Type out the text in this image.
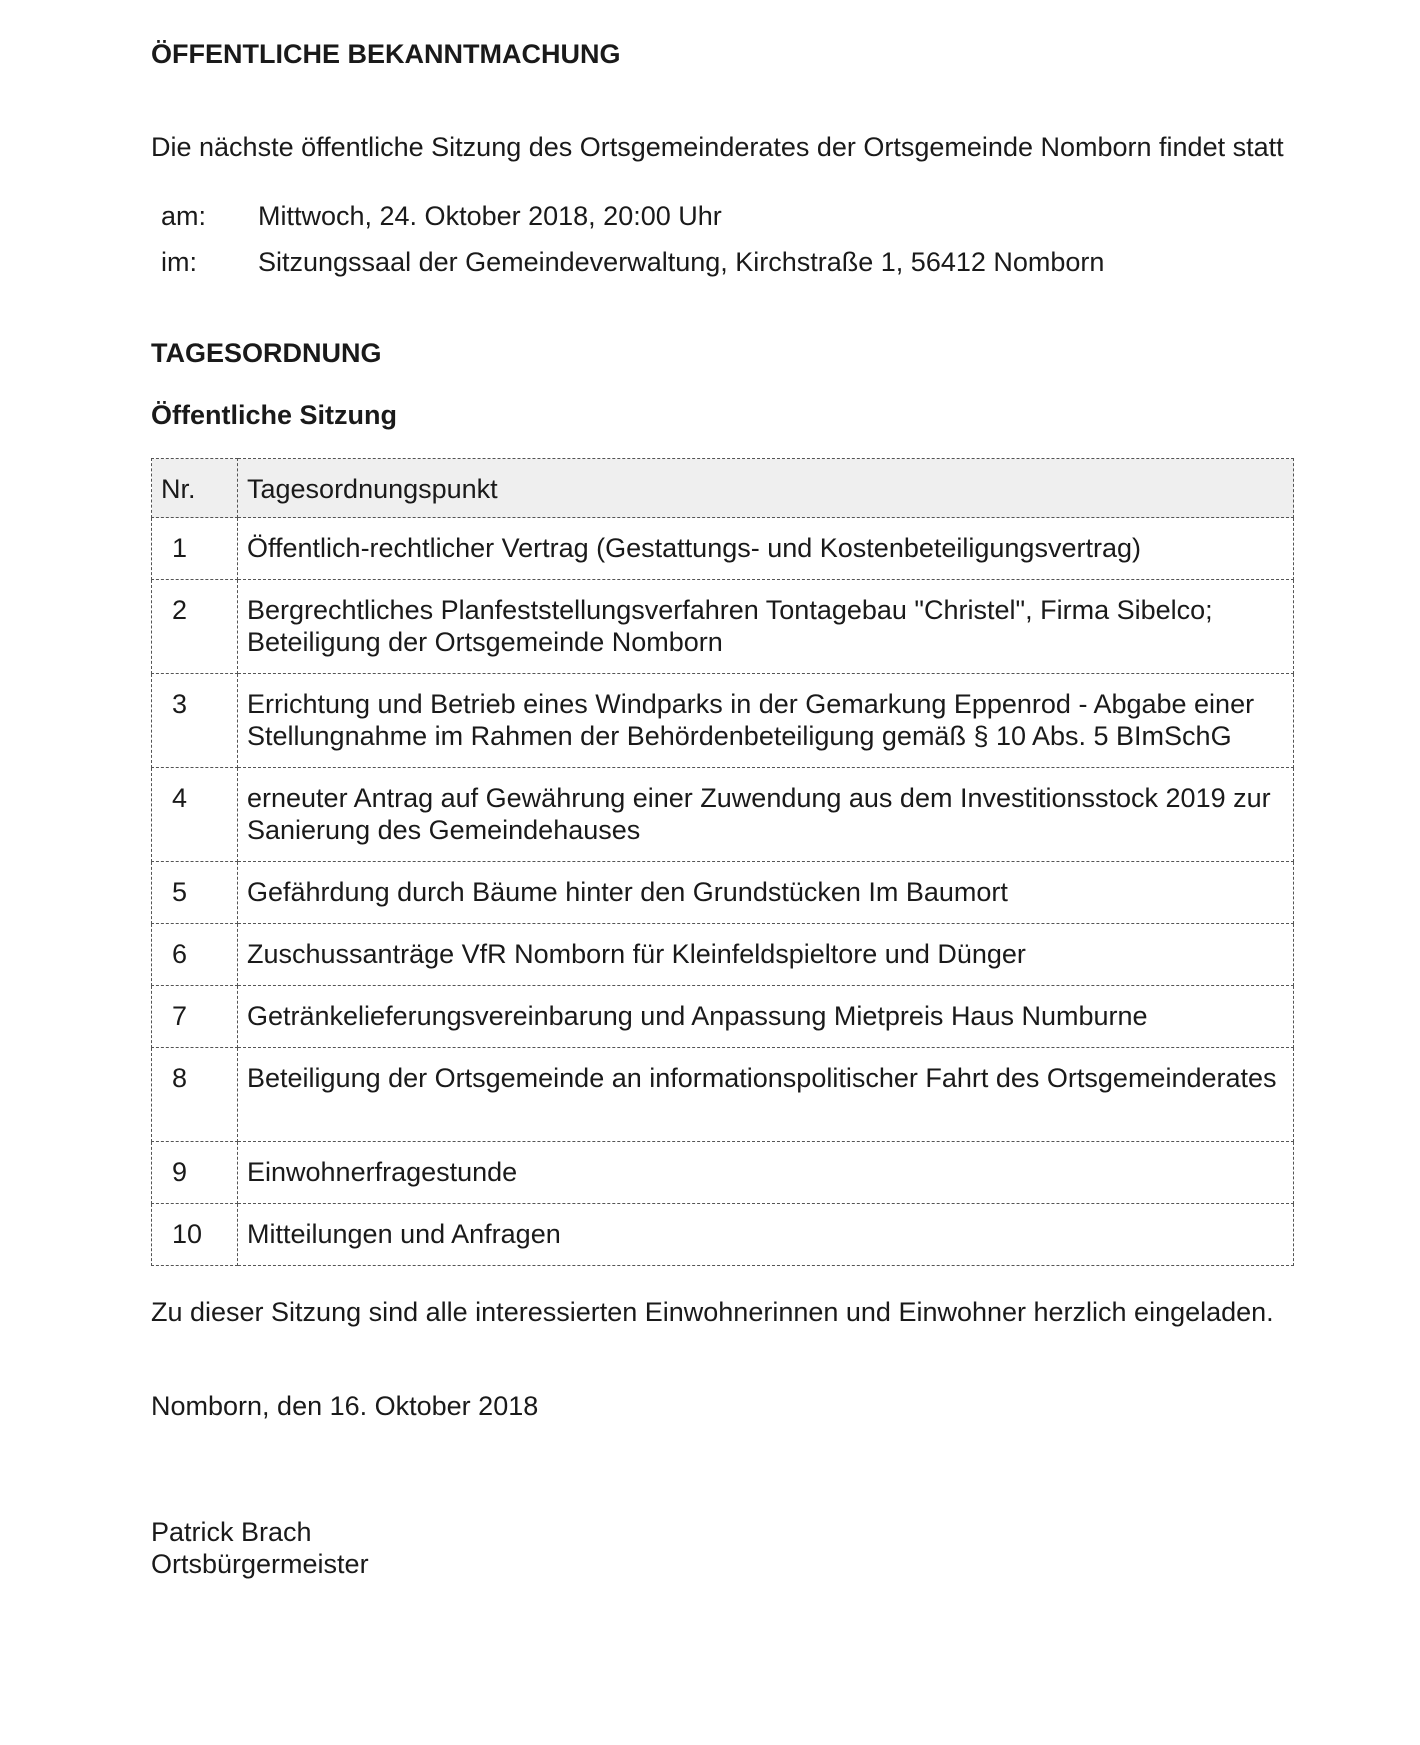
ÖFFENTLICHE BEKANNTMACHUNG
Die nächste öffentliche Sitzung des Ortsgemeinderates der Ortsgemeinde Nomborn findet statt
am:	Mittwoch, 24. Oktober 2018, 20:00 Uhr
im:	Sitzungssaal der Gemeindeverwaltung, Kirchstraße 1, 56412 Nomborn
TAGESORDNUNG
Öffentliche Sitzung
Nr.	Tagesordnungspunkt
1	Öffentlich-rechtlicher Vertrag (Gestattungs- und Kostenbeteiligungsvertrag)
2	Bergrechtliches Planfeststellungsverfahren Tontagebau "Christel", Firma Sibelco; Beteiligung der Ortsgemeinde Nomborn
3	Errichtung und Betrieb eines Windparks in der Gemarkung Eppenrod - Abgabe einer Stellungnahme im Rahmen der Behördenbeteiligung gemäß § 10 Abs. 5 BImSchG
4	erneuter Antrag auf Gewährung einer Zuwendung aus dem Investitionsstock 2019 zur Sanierung des Gemeindehauses
5	Gefährdung durch Bäume hinter den Grundstücken Im Baumort
6	Zuschussanträge VfR Nomborn für Kleinfeldspieltore und Dünger
7	Getränkelieferungsvereinbarung und Anpassung Mietpreis Haus Numburne
8	Beteiligung der Ortsgemeinde an informationspolitischer Fahrt des Ortsgemeinderates
9	Einwohnerfragestunde
10	Mitteilungen und Anfragen
Zu dieser Sitzung sind alle interessierten Einwohnerinnen und Einwohner herzlich eingeladen.
Nomborn, den 16. Oktober 2018
Patrick Brach
Ortsbürgermeister
